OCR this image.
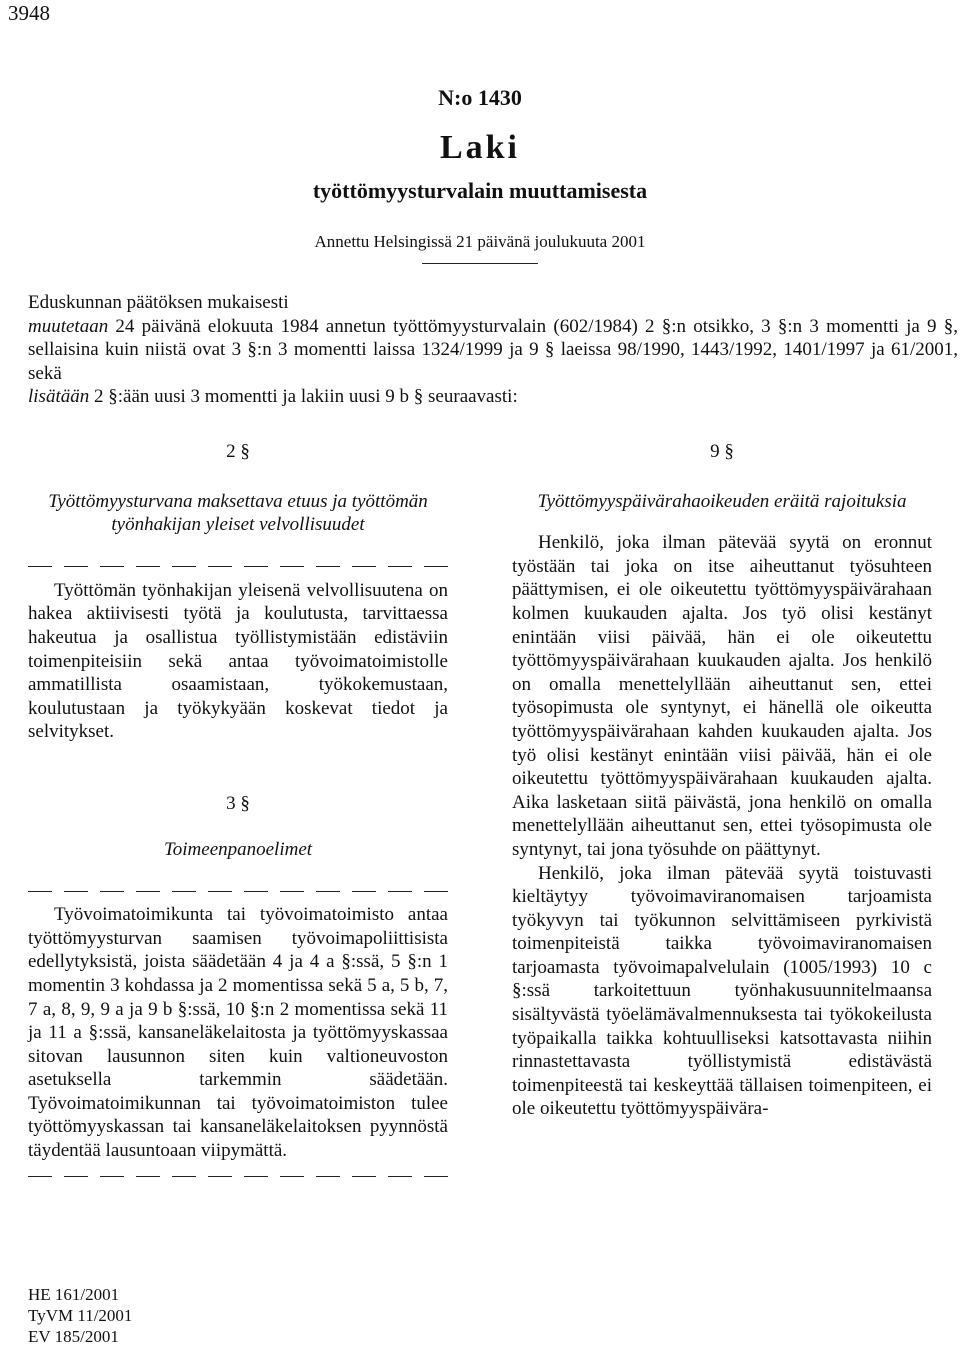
3948
N:o 1430
Laki
työttömyysturvalain muuttamisesta
Annettu Helsingissä 21 päivänä joulukuuta 2001
Eduskunnan päätöksen mukaisesti
muutetaan 24 päivänä elokuuta 1984 annetun työttömyysturvalain (602/1984) 2 §:n otsikko, 3 §:n 3 momentti ja 9 §, sellaisina kuin niistä ovat 3 §:n 3 momentti laissa 1324/1999 ja 9 § laeissa 98/1990, 1443/1992, 1401/1997 ja 61/2001, sekä
lisätään 2 §:ään uusi 3 momentti ja lakiin uusi 9 b § seuraavasti:
2 §
Työttömyysturvana maksettava etuus ja työttömän työnhakijan yleiset velvollisuudet
Työttömän työnhakijan yleisenä velvollisuutena on hakea aktiivisesti työtä ja koulutusta, tarvittaessa hakeutua ja osallistua työllistymistään edistäviin toimenpiteisiin sekä antaa työvoimatoimistolle ammatillista osaamistaan, työkokemustaan, koulutustaan ja työkykyään koskevat tiedot ja selvitykset.
3 §
Toimeenpanoelimet
Työvoimatoimikunta tai työvoimatoimisto antaa työttömyysturvan saamisen työvoimapoliittisista edellytyksistä, joista säädetään 4 ja 4 a §:ssä, 5 §:n 1 momentin 3 kohdassa ja 2 momentissa sekä 5 a, 5 b, 7, 7 a, 8, 9, 9 a ja 9 b §:ssä, 10 §:n 2 momentissa sekä 11 ja 11 a §:ssä, kansaneläkelaitosta ja työttömyyskassaa sitovan lausunnon siten kuin valtioneuvoston asetuksella tarkemmin säädetään. Työvoimatoimikunnan tai työvoimatoimiston tulee työttömyyskassan tai kansaneläkelaitoksen pyynnöstä täydentää lausuntoaan viipymättä.
9 §
Työttömyyspäivärahaoikeuden eräitä rajoituksia
Henkilö, joka ilman pätevää syytä on eronnut työstään tai joka on itse aiheuttanut työsuhteen päättymisen, ei ole oikeutettu työttömyyspäivärahaan kolmen kuukauden ajalta. Jos työ olisi kestänyt enintään viisi päivää, hän ei ole oikeutettu työttömyyspäivärahaan kuukauden ajalta. Jos henkilö on omalla menettelyllään aiheuttanut sen, ettei työsopimusta ole syntynyt, ei hänellä ole oikeutta työttömyyspäivärahaan kahden kuukauden ajalta. Jos työ olisi kestänyt enintään viisi päivää, hän ei ole oikeutettu työttömyyspäivärahaan kuukauden ajalta. Aika lasketaan siitä päivästä, jona henkilö on omalla menettelyllään aiheuttanut sen, ettei työsopimusta ole syntynyt, tai jona työsuhde on päättynyt.
Henkilö, joka ilman pätevää syytä toistuvasti kieltäytyy työvoimaviranomaisen tarjoamista työkyvyn tai työkunnon selvittämiseen pyrkivistä toimenpiteistä taikka työvoimaviranomaisen tarjoamasta työvoimapalvelulain (1005/1993) 10 c §:ssä tarkoitettuun työnhakusuunnitelmaansa sisältyvästä työelämävalmennuksesta tai työkokeilusta työpaikalla taikka kohtuulliseksi katsottavasta niihin rinnastettavasta työllistymistä edistävästä toimenpiteestä tai keskeyttää tällaisen toimenpiteen, ei ole oikeutettu työttömyyspäivära-
HE 161/2001
TyVM 11/2001
EV 185/2001
